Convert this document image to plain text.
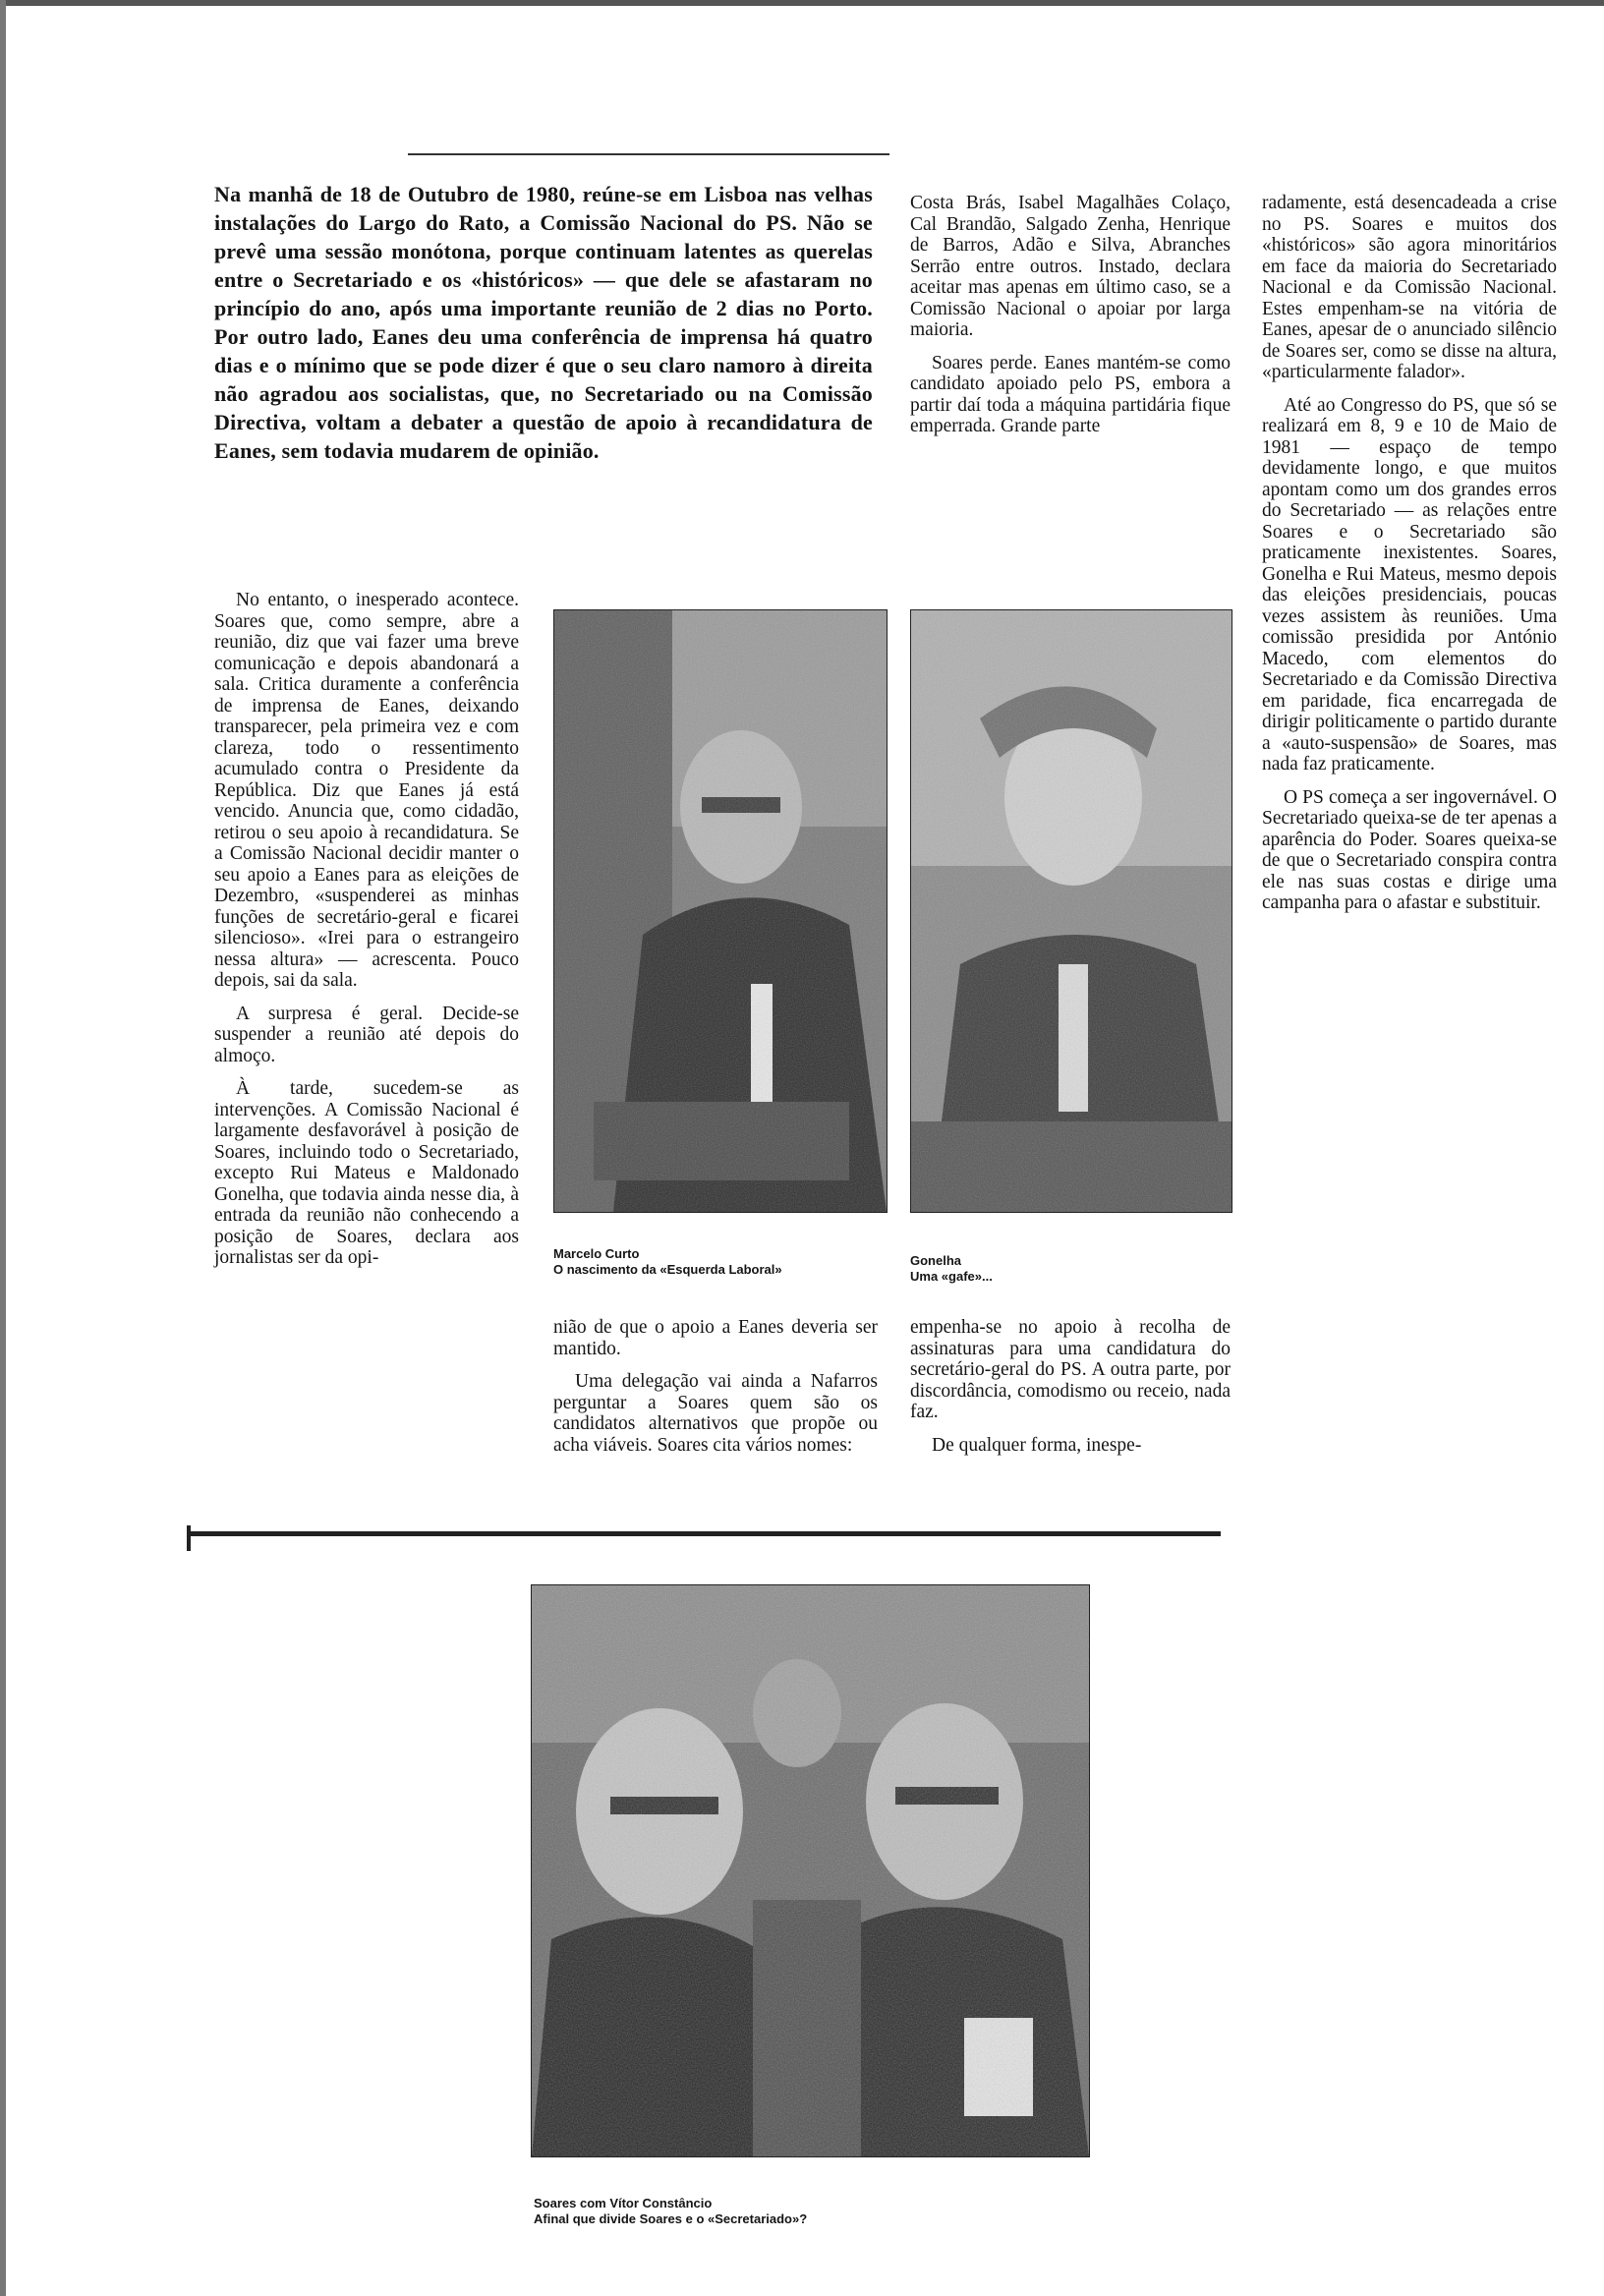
Na manhã de 18 de Outubro de 1980, reúne-se em Lisboa nas velhas instalações do Largo do Rato, a Comissão Nacional do PS. Não se prevê uma sessão monótona, porque continuam latentes as querelas entre o Secretariado e os «históricos» — que dele se afastaram no princípio do ano, após uma importante reunião de 2 dias no Porto. Por outro lado, Eanes deu uma conferência de imprensa há quatro dias e o mínimo que se pode dizer é que o seu claro namoro à direita não agradou aos socialistas, que, no Secretariado ou na Comissão Directiva, voltam a debater a questão de apoio à recandidatura de Eanes, sem todavia mudarem de opinião.

No entanto, o inesperado acontece. Soares que, como sempre, abre a reunião, diz que vai fazer uma breve comunicação e depois abandonará a sala. Critica duramente a conferência de imprensa de Eanes, deixando transparecer, pela primeira vez e com clareza, todo o ressentimento acumulado contra o Presidente da República. Diz que Eanes já está vencido. Anuncia que, como cidadão, retirou o seu apoio à recandidatura. Se a Comissão Nacional decidir manter o seu apoio a Eanes para as eleições de Dezembro, «suspenderei as minhas funções de secretário-geral e ficarei silencioso». «Irei para o estrangeiro nessa altura» — acrescenta. Pouco depois, sai da sala.

A surpresa é geral. Decide-se suspender a reunião até depois do almoço.

À tarde, sucedem-se as intervenções. A Comissão Nacional é largamente desfavorável à posição de Soares, incluindo todo o Secretariado, excepto Rui Mateus e Maldonado Gonelha, que todavia ainda nesse dia, à entrada da reunião não conhecendo a posição de Soares, declara aos jornalistas ser da opi-	Marcelo Curto
O nascimento da «Esquerda Laboral»

nião de que o apoio a Eanes deveria ser mantido.

Uma delegação vai ainda a Nafarros perguntar a Soares quem são os candidatos alternativos que propõe ou acha viáveis. Soares cita vários nomes:

Costa Brás, Isabel Magalhães Colaço, Cal Brandão, Salgado Zenha, Henrique de Barros, Adão e Silva, Abranches Serrão entre outros. Instado, declara aceitar mas apenas em último caso, se a Comissão Nacional o apoiar por larga maioria.

Soares perde. Eanes mantém-se como candidato apoiado pelo PS, embora a partir daí toda a máquina partidária fique emperrada. Grande parte

Gonelha
Uma «gafe»...

empenha-se no apoio à recolha de assinaturas para uma candidatura do secretário-geral do PS. A outra parte, por discordância, comodismo ou receio, nada faz.

De qualquer forma, inespe-

radamente, está desencadeada a crise no PS. Soares e muitos dos «históricos» são agora minoritários em face da maioria do Secretariado Nacional e da Comissão Nacional. Estes empenham-se na vitória de Eanes, apesar de o anunciado silêncio de Soares ser, como se disse na altura, «particularmente falador».

Até ao Congresso do PS, que só se realizará em 8, 9 e 10 de Maio de 1981 — espaço de tempo devidamente longo, e que muitos apontam como um dos grandes erros do Secretariado — as relações entre Soares e o Secretariado são praticamente inexistentes. Soares, Gonelha e Rui Mateus, mesmo depois das eleições presidenciais, poucas vezes assistem às reuniões. Uma comissão presidida por António Macedo, com elementos do Secretariado e da Comissão Directiva em paridade, fica encarregada de dirigir politicamente o partido durante a «auto-suspensão» de Soares, mas nada faz praticamente.

O PS começa a ser ingovernável. O Secretariado queixa-se de ter apenas a aparência do Poder. Soares queixa-se de que o Secretariado conspira contra ele nas suas costas e dirige uma campanha para o afastar e substituir.

Soares com Vítor Constâncio
Afinal que divide Soares e o «Secretariado»?
